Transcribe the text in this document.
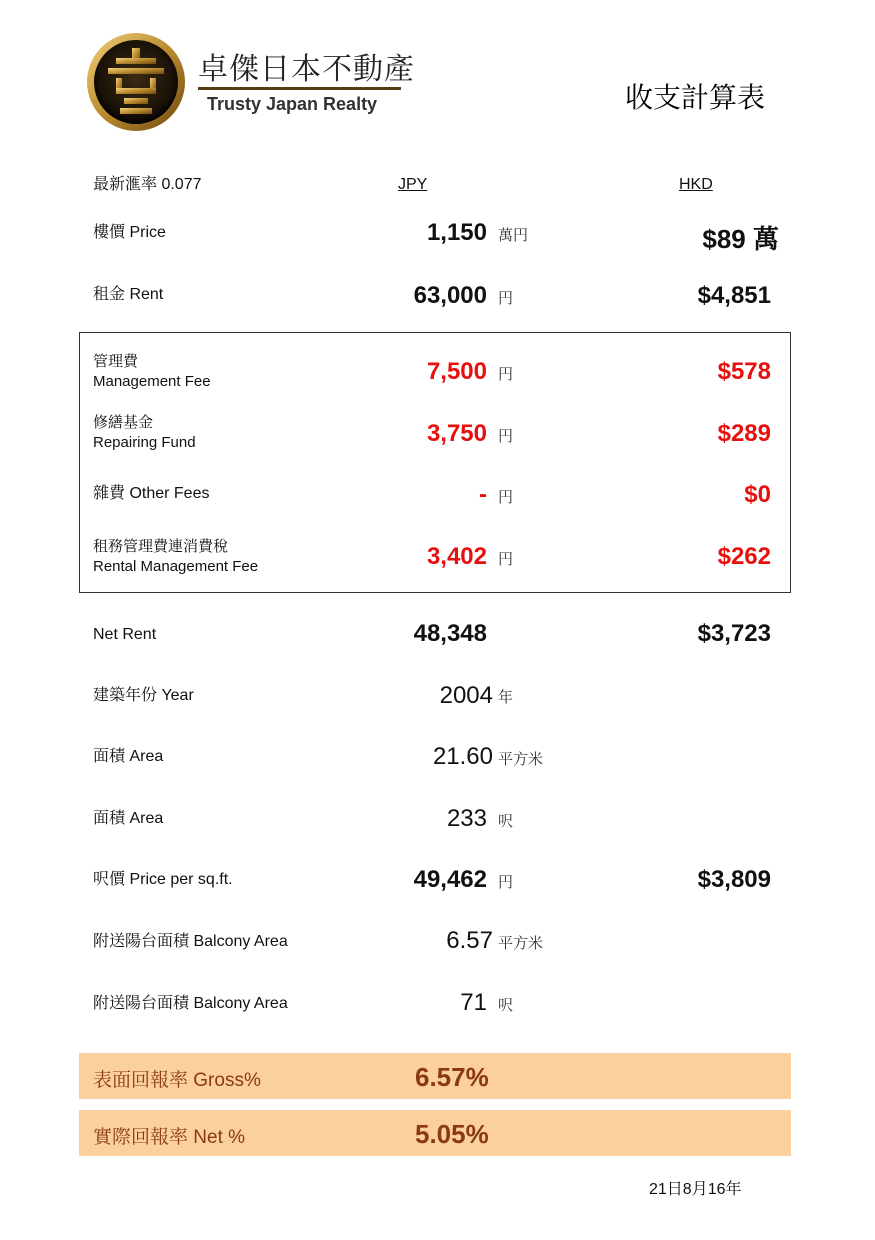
卓傑日本不動產
Trusty Japan Realty	收支計算表
最新滙率 0.077	JPY	HKD
樓價 Price	1,150 萬円	$89 萬
租金 Rent	63,000 円	$4,851
管理費
Management Fee	7,500 円	$578
修繕基金
Repairing Fund	3,750 円	$289
雜費 Other Fees	- 円	$0
租務管理費連消費稅
Rental Management Fee	3,402 円	$262
Net Rent	48,348	$3,723
建築年份 Year	2004 年
面積 Area	21.60 平方米
面積 Area	233 呎
呎價 Price per sq.ft.	49,462 円	$3,809
附送陽台面積 Balcony Area	6.57 平方米
附送陽台面積 Balcony Area	71 呎
表面回報率 Gross%	6.57%
實際回報率 Net %	5.05%
21日8月16年
